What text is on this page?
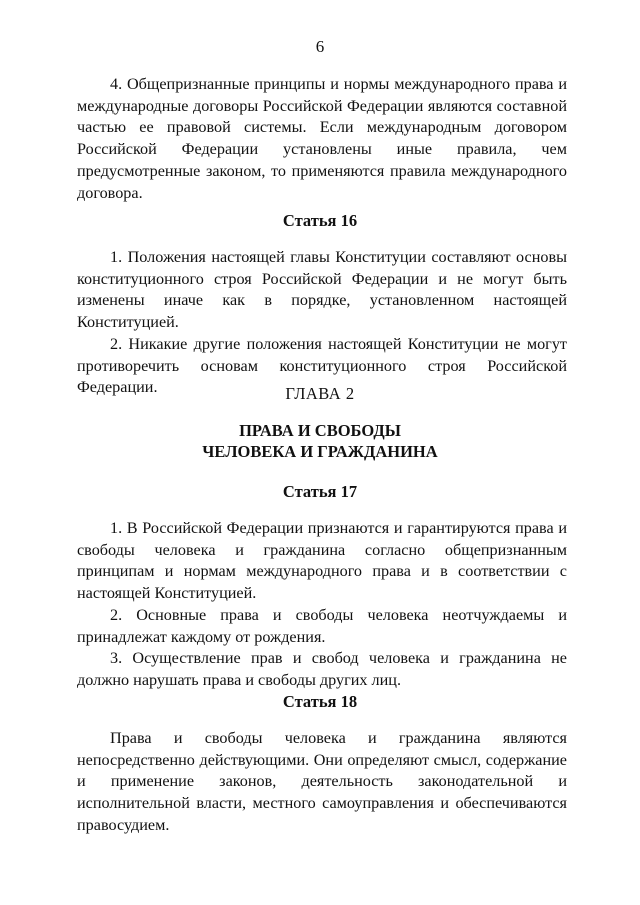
6

4. Общепризнанные принципы и нормы международного права и международные договоры Российской Федерации являются составной частью ее правовой системы. Если международным договором Российской Федерации установлены иные правила, чем предусмотренные законом, то применяются правила международного договора.

Статья 16

1. Положения настоящей главы Конституции составляют основы конституционного строя Российской Федерации и не могут быть изменены иначе как в порядке, установленном настоящей Конституцией.

2. Никакие другие положения настоящей Конституции не могут противоречить основам конституционного строя Российской Федерации.	ГЛАВА 2
ПРАВА И СВОБОДЫ
ЧЕЛОВЕКА И ГРАЖДАНИНА
Статья 17

1. В Российской Федерации признаются и гарантируются права и свободы человека и гражданина согласно общепризнанным принципам и нормам международного права и в соответствии с настоящей Конституцией.

2. Основные права и свободы человека неотчуждаемы и принадлежат каждому от рождения.

3. Осуществление прав и свобод человека и гражданина не должно нарушать права и свободы других лиц.

Статья 18

Права и свободы человека и гражданина являются непосредственно действующими. Они определяют смысл, содержание и применение законов, деятельность законодательной и исполнительной власти, местного самоуправления и обеспечиваются правосудием.
